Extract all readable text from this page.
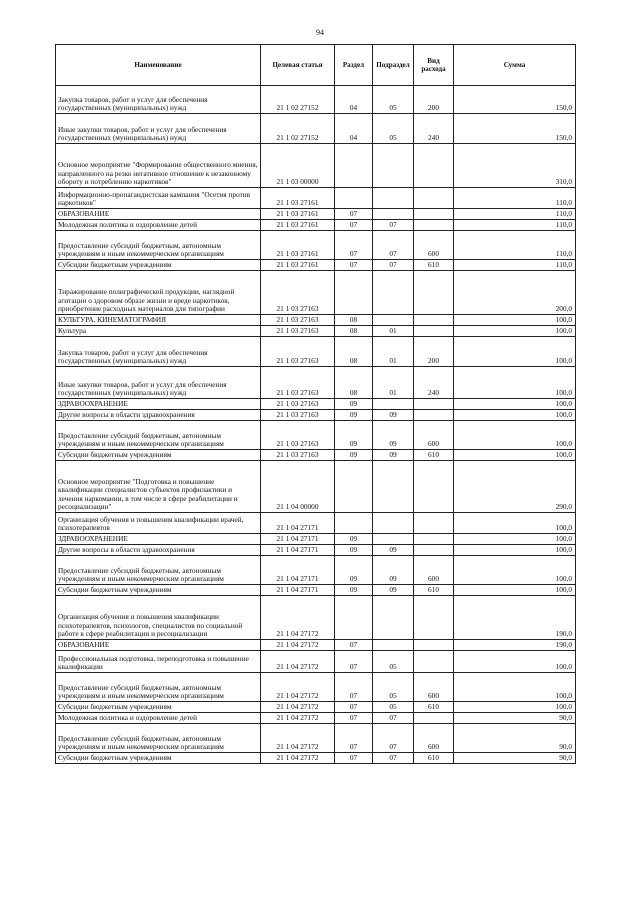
94
Наименование	Целевая статья	Раздел	Подраздел	Вид расхода	Сумма
Закупка товаров, работ и услуг для обеспечения государственных (муниципальных) нужд	21 1 02 27152	04	05	200	150,0
Иные закупки товаров, работ и услуг для обеспечения государственных (муниципальных) нужд	21 1 02 27152	04	05	240	150,0
Основное мероприятие "Формирование общественного мнения, направленного на резко негативное отношение к незаконному обороту и потреблению наркотиков"	21 1 03 00000				310,0
Информационно-пропагандистская кампания "Осетия против наркотиков"	21 1 03 27161				110,0
ОБРАЗОВАНИЕ	21 1 03 27161	07			110,0
Молодежная политика и оздоровление детей	21 1 03 27161	07	07		110,0
Предоставление субсидий бюджетным, автономным учреждениям и иным некоммерческим организациям	21 1 03 27161	07	07	600	110,0
Субсидии бюджетным учреждениям	21 1 03 27161	07	07	610	110,0
Тиражирование полиграфической продукции, наглядной агитации о здоровом образе жизни и вреде наркотиков, приобретение расходных материалов для типографии	21 1 03 27163				200,0
КУЛЬТУРА, КИНЕМАТОГРАФИЯ	21 1 03 27163	08			100,0
Культура	21 1 03 27163	08	01		100,0
Закупка товаров, работ и услуг для обеспечения государственных (муниципальных) нужд	21 1 03 27163	08	01	200	100,0
Иные закупки товаров, работ и услуг для обеспечения государственных (муниципальных) нужд	21 1 03 27163	08	01	240	100,0
ЗДРАВООХРАНЕНИЕ	21 1 03 27163	09			100,0
Другие вопросы в области здравоохранения	21 1 03 27163	09	09		100,0
Предоставление субсидий бюджетным, автономным учреждениям и иным некоммерческим организациям	21 1 03 27163	09	09	600	100,0
Субсидии бюджетным учреждениям	21 1 03 27163	09	09	610	100,0
Основное мероприятие "Подготовка и повышение квалификации специалистов субъектов профилактики и лечения наркомании, в том числе в сфере реабилитации и ресоциализации"	21 1 04 00000				290,0
Организация обучения и повышения квалификации врачей, психотерапевтов	21 1 04 27171				100,0
ЗДРАВООХРАНЕНИЕ	21 1 04 27171	09			100,0
Другие вопросы в области здравоохранения	21 1 04 27171	09	09		100,0
Предоставление субсидий бюджетным, автономным учреждениям и иным некоммерческим организациям	21 1 04 27171	09	09	600	100,0
Субсидии бюджетным учреждениям	21 1 04 27171	09	09	610	100,0
Организация обучения и повышения квалификации психотерапевтов, психологов, специалистов по социальной работе в сфере реабилитации и ресоциализации	21 1 04 27172				190,0
ОБРАЗОВАНИЕ	21 1 04 27172	07			190,0
Профессиональная подготовка, переподготовка и повышение квалификации	21 1 04 27172	07	05		100,0
Предоставление субсидий бюджетным, автономным учреждениям и иным некоммерческим организациям	21 1 04 27172	07	05	600	100,0
Субсидии бюджетным учреждениям	21 1 04 27172	07	05	610	100,0
Молодежная политика и оздоровление детей	21 1 04 27172	07	07		90,0
Предоставление субсидий бюджетным, автономным учреждениям и иным некоммерческим организациям	21 1 04 27172	07	07	600	90,0
Субсидии бюджетным учреждениям	21 1 04 27172	07	07	610	90,0
